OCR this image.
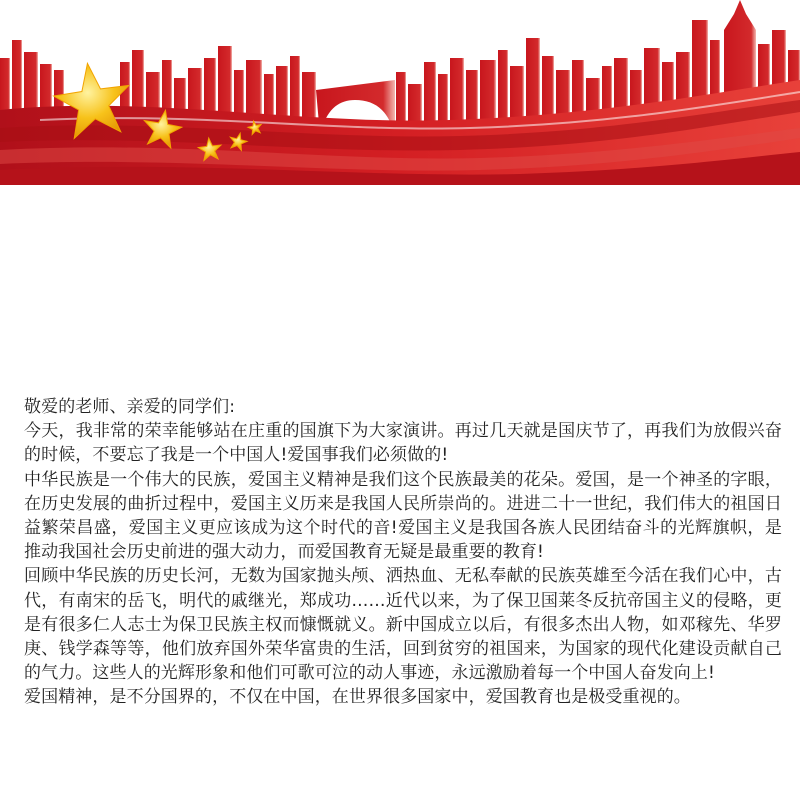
敬爱的老师、亲爱的同学们:

今天，我非常的荣幸能够站在庄重的国旗下为大家演讲。再过几天就是国庆节了，再我们为放假兴奋的时候，不要忘了我是一个中国人!爱国事我们必须做的!

中华民族是一个伟大的民族，爱国主义精神是我们这个民族最美的花朵。爱国，是一个神圣的字眼，在历史发展的曲折过程中，爱国主义历来是我国人民所崇尚的。进进二十一世纪，我们伟大的祖国日益繁荣昌盛，爱国主义更应该成为这个时代的音!爱国主义是我国各族人民团结奋斗的光辉旗帜，是推动我国社会历史前进的强大动力，而爱国教育无疑是最重要的教育!

回顾中华民族的历史长河，无数为国家抛头颅、洒热血、无私奉献的民族英雄至今活在我们心中，古代，有南宋的岳飞，明代的戚继光，郑成功……近代以来，为了保卫国莱冬反抗帝国主义的侵略，更是有很多仁人志士为保卫民族主权而慷慨就义。新中国成立以后，有很多杰出人物，如邓稼先、华罗庚、钱学森等等，他们放弃国外荣华富贵的生活，回到贫穷的祖国来，为国家的现代化建设贡献自己的气力。这些人的光辉形象和他们可歌可泣的动人事迹，永远激励着每一个中国人奋发向上!

爱国精神，是不分国界的，不仅在中国，在世界很多国家中，爱国教育也是极受重视的。
